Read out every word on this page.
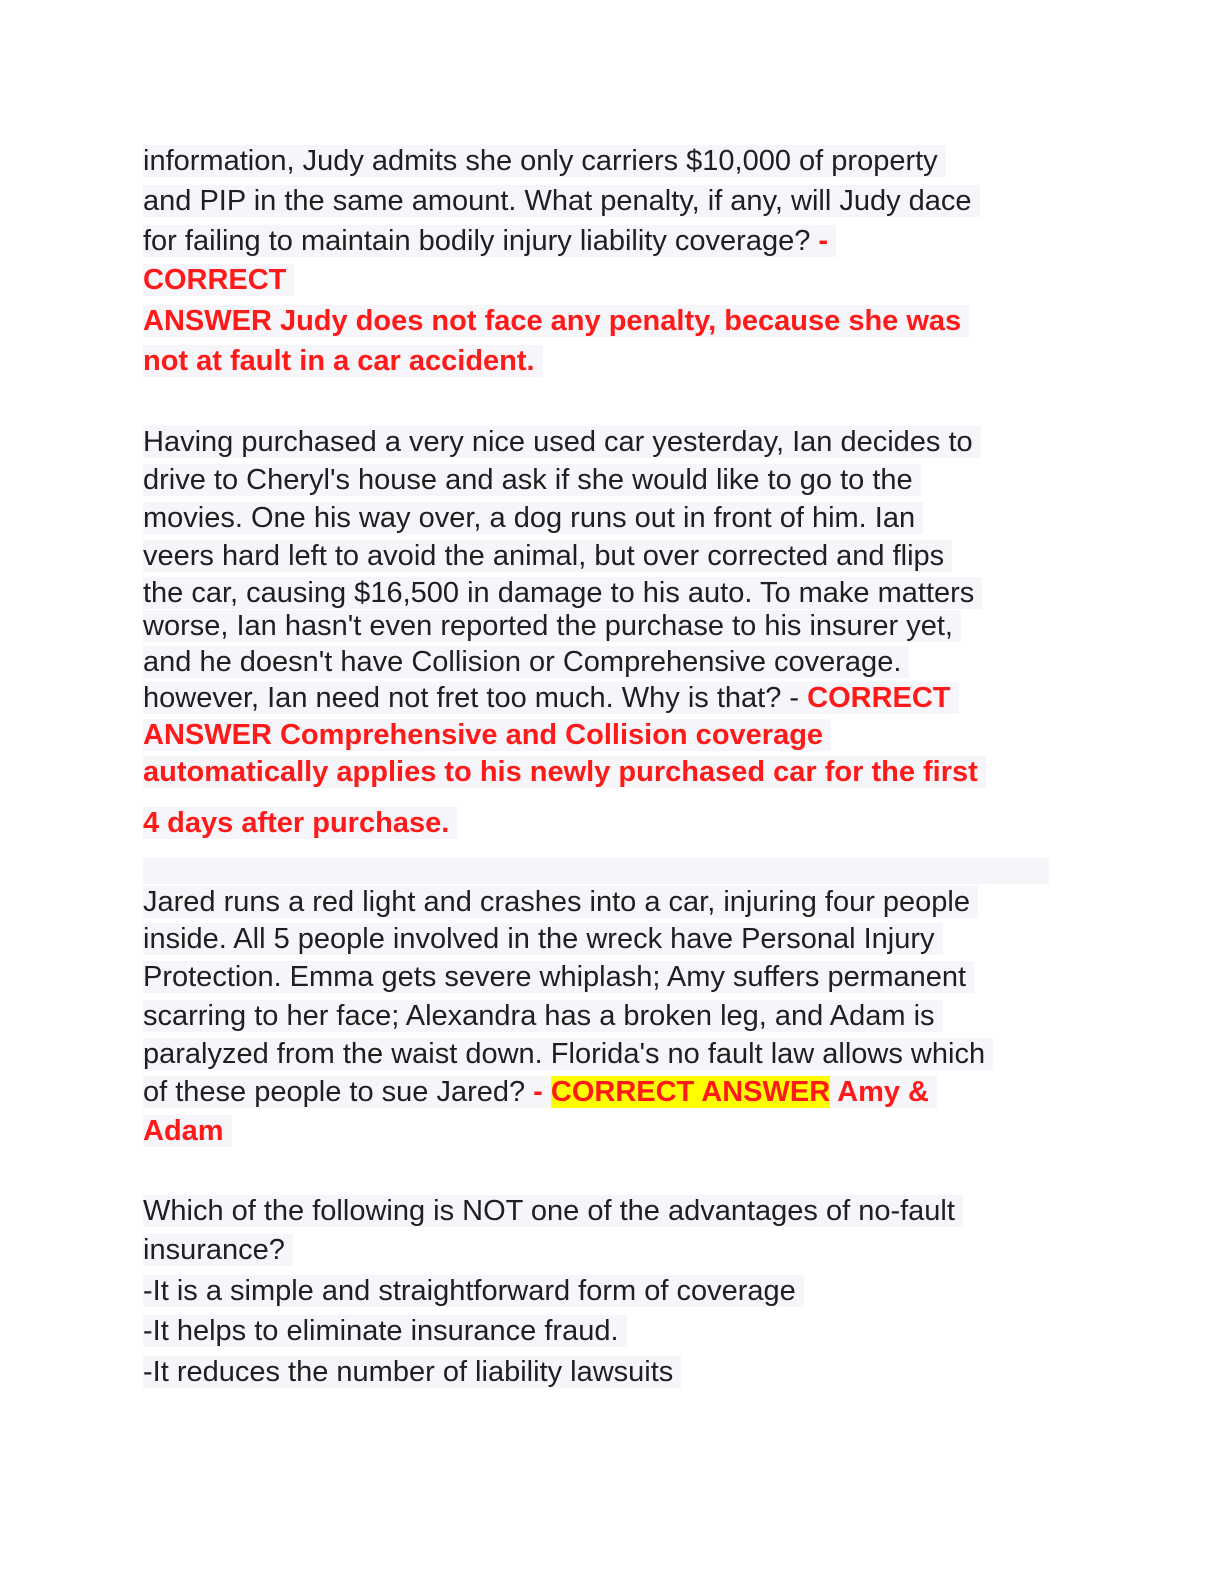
information, Judy admits she only carriers $10,000 of property
and PIP in the same amount. What penalty, if any, will Judy dace
for failing to maintain bodily injury liability coverage? -
CORRECT
ANSWER Judy does not face any penalty, because she was
not at fault in a car accident.
Having purchased a very nice used car yesterday, Ian decides to
drive to Cheryl's house and ask if she would like to go to the
movies. One his way over, a dog runs out in front of him. Ian
veers hard left to avoid the animal, but over corrected and flips
the car, causing $16,500 in damage to his auto. To make matters
worse, Ian hasn't even reported the purchase to his insurer yet,
and he doesn't have Collision or Comprehensive coverage.
however, Ian need not fret too much. Why is that? - CORRECT
ANSWER Comprehensive and Collision coverage
automatically applies to his newly purchased car for the first
4 days after purchase.
Jared runs a red light and crashes into a car, injuring four people
inside. All 5 people involved in the wreck have Personal Injury
Protection. Emma gets severe whiplash; Amy suffers permanent
scarring to her face; Alexandra has a broken leg, and Adam is
paralyzed from the waist down. Florida's no fault law allows which
of these people to sue Jared? - CORRECT ANSWER Amy &
Adam
Which of the following is NOT one of the advantages of no-fault
insurance?
-It is a simple and straightforward form of coverage
-It helps to eliminate insurance fraud.
-It reduces the number of liability lawsuits
